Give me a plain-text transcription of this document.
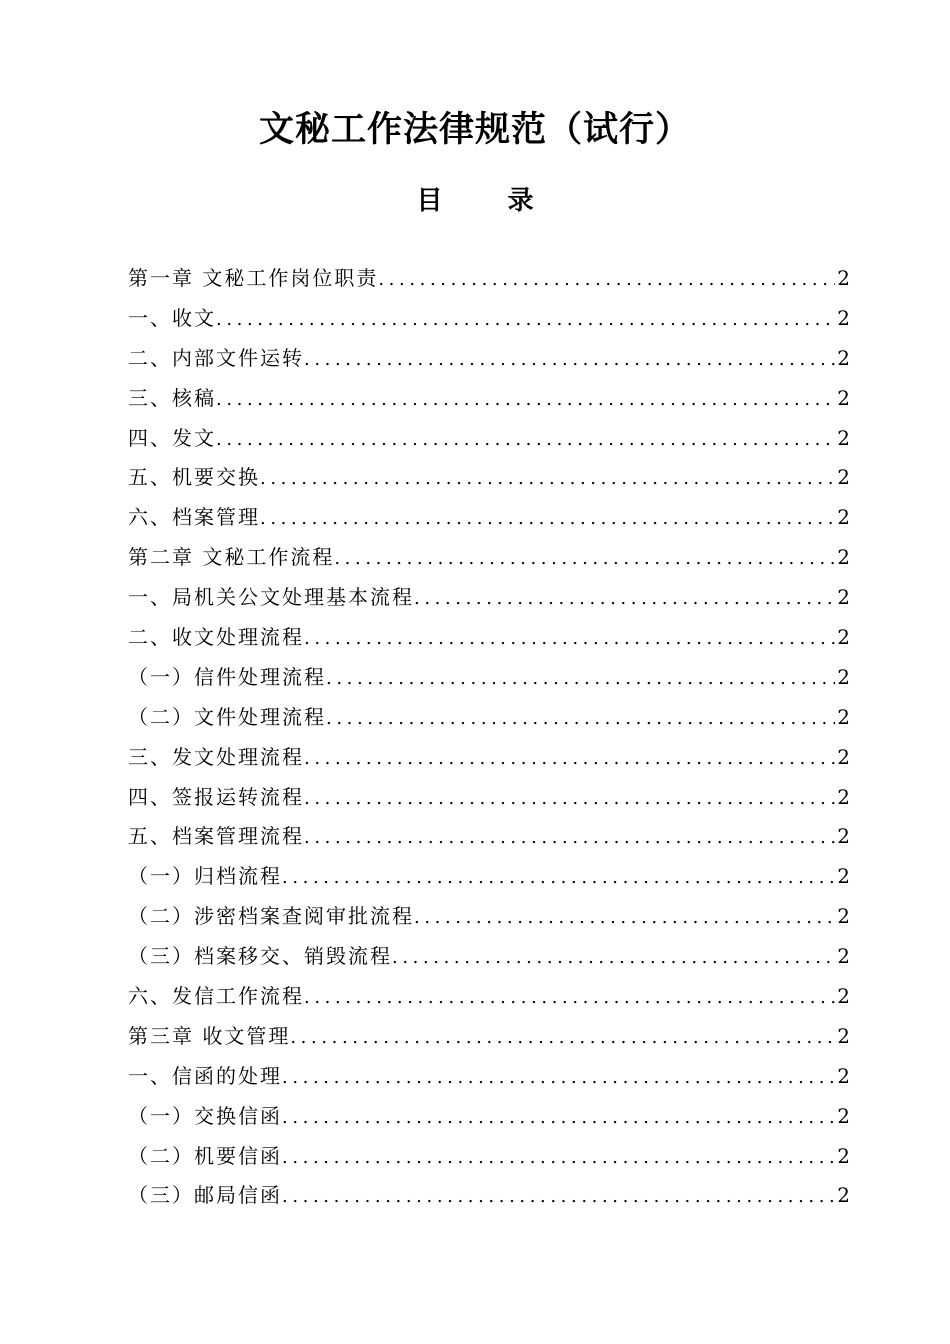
文秘工作法律规范（试行）
目 录
第一章 文秘工作岗位职责 .....	2
一、收文 .....	2
二、内部文件运转 .....	2
三、核稿 .....	2
四、发文 .....	2
五、机要交换 .....	2
六、档案管理 .....	2
第二章 文秘工作流程 .....	2
一、局机关公文处理基本流程 .....	2
二、收文处理流程 .....	2
（一）信件处理流程 .....	2
（二）文件处理流程 .....	2
三、发文处理流程 .....	2
四、签报运转流程 .....	2
五、档案管理流程 .....	2
（一）归档流程 .....	2
（二）涉密档案查阅审批流程 .....	2
（三）档案移交、销毁流程 .....	2
六、发信工作流程 .....	2
第三章 收文管理 .....	2
一、信函的处理 .....	2
（一）交换信函 .....	2
（二）机要信函 .....	2
（三）邮局信函 .....	2
